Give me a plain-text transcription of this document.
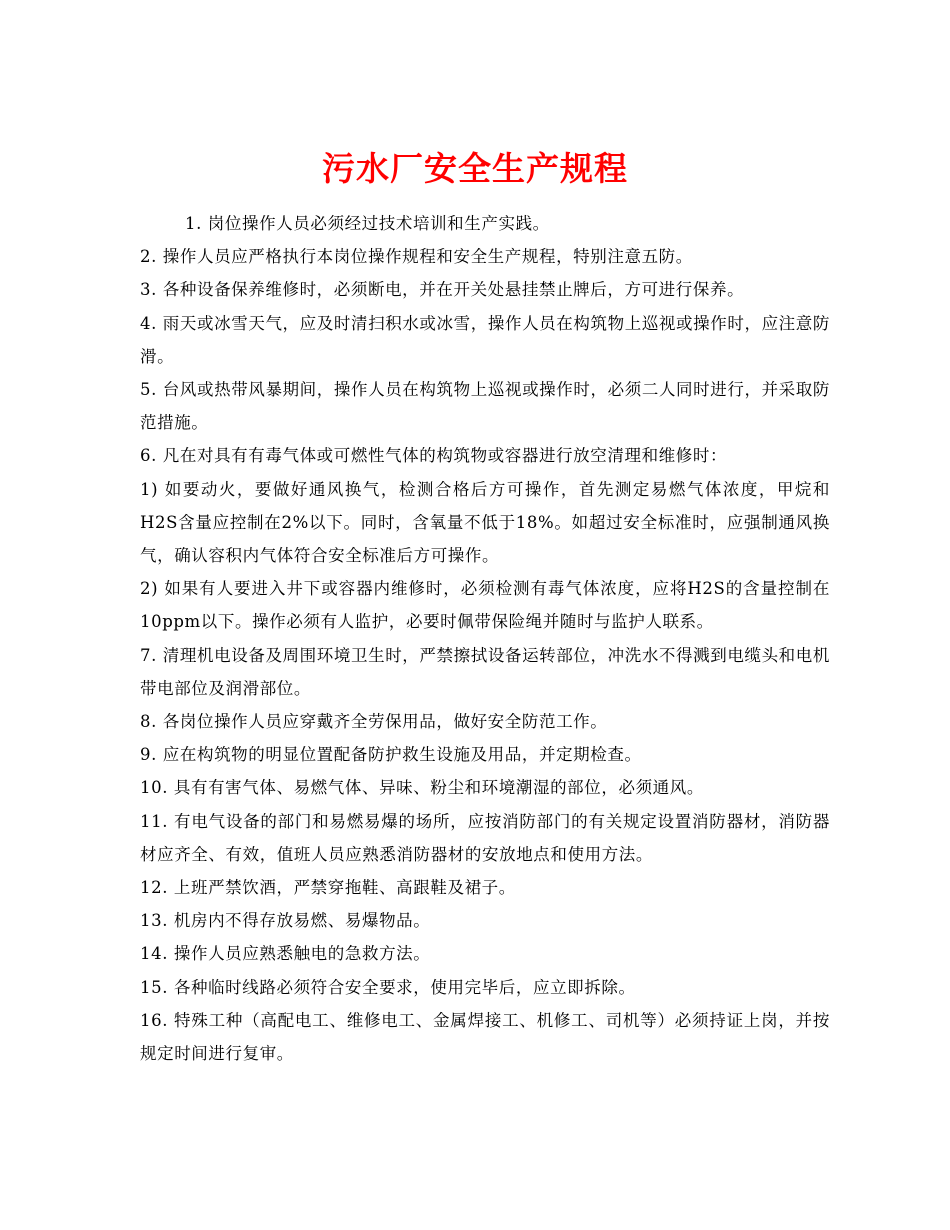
污水厂安全生产规程

1. 岗位操作人员必须经过技术培训和生产实践。

2. 操作人员应严格执行本岗位操作规程和安全生产规程，特别注意五防。

3. 各种设备保养维修时，必须断电，并在开关处悬挂禁止牌后，方可进行保养。

4. 雨天或冰雪天气，应及时清扫积水或冰雪，操作人员在构筑物上巡视或操作时，应注意防滑。

5. 台风或热带风暴期间，操作人员在构筑物上巡视或操作时，必须二人同时进行，并采取防范措施。

6. 凡在对具有有毒气体或可燃性气体的构筑物或容器进行放空清理和维修时：

1) 如要动火，要做好通风换气，检测合格后方可操作，首先测定易燃气体浓度，甲烷和H2S含量应控制在2%以下。同时，含氧量不低于18%。如超过安全标准时，应强制通风换气，确认容积内气体符合安全标准后方可操作。

2) 如果有人要进入井下或容器内维修时，必须检测有毒气体浓度，应将H2S的含量控制在10ppm以下。操作必须有人监护，必要时佩带保险绳并随时与监护人联系。

7. 清理机电设备及周围环境卫生时，严禁擦拭设备运转部位，冲洗水不得溅到电缆头和电机带电部位及润滑部位。

8. 各岗位操作人员应穿戴齐全劳保用品，做好安全防范工作。

9. 应在构筑物的明显位置配备防护救生设施及用品，并定期检查。

10. 具有有害气体、易燃气体、异味、粉尘和环境潮湿的部位，必须通风。

11. 有电气设备的部门和易燃易爆的场所，应按消防部门的有关规定设置消防器材，消防器材应齐全、有效，值班人员应熟悉消防器材的安放地点和使用方法。

12. 上班严禁饮酒，严禁穿拖鞋、高跟鞋及裙子。

13. 机房内不得存放易燃、易爆物品。

14. 操作人员应熟悉触电的急救方法。

15. 各种临时线路必须符合安全要求，使用完毕后，应立即拆除。

16. 特殊工种（高配电工、维修电工、金属焊接工、机修工、司机等）必须持证上岗，并按规定时间进行复审。
